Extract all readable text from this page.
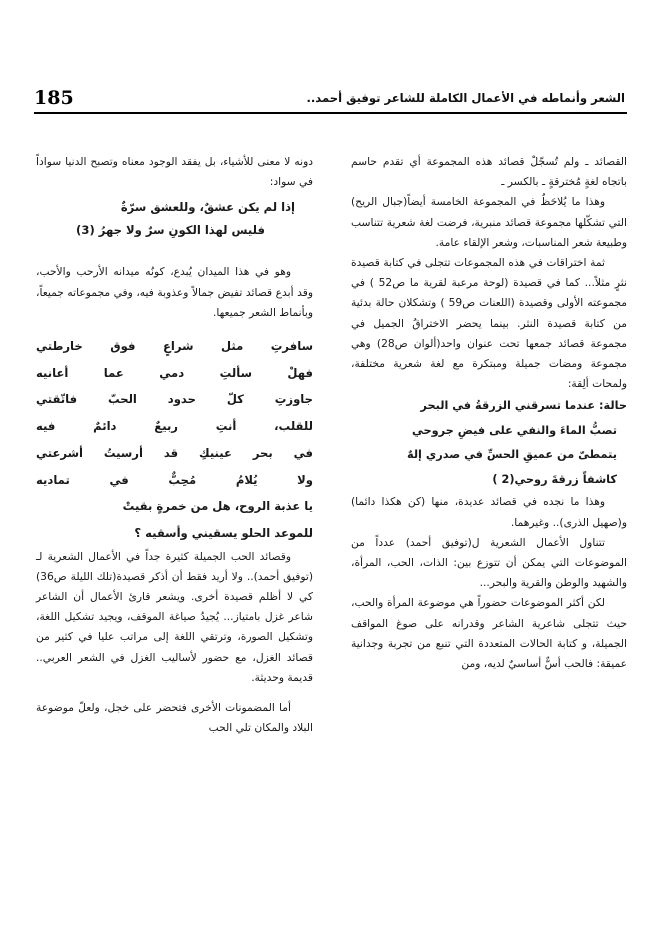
185	الشعر وأنماطه في الأعمال الكاملة للشاعر توفيق أحمد..

القصائد ـ ولم تُسجّلْ قصائد هذه المجموعة أي تقدم حاسم باتجاه لغةٍ مُخترقةٍ ـ بالكسر ـ

وهذا ما يُلاحَظُ في المجموعة الخامسة أيضاً(جبال الريح) التي تشكّلها مجموعة قصائد منبرية، فرضت لغة شعرية تتناسب وطبيعة شعر المناسبات، وشعر الإلقاء عامة.

ثمة اختراقات في هذه المجموعات تتجلى في كتابة قصيدة نثرٍ مثلاً... كما في قصيدة (لوحة مرعبة لقرية ما ص52 ) في مجموعته الأولى وقصيدة (اللعنات ص59 ) وتشكلان حالة بدئية من كتابة قصيدة النثر. بينما يحضر الاختراقُ الجميل في مجموعة قصائد جمعها تحت عنوان واحد(ألوان ص28) وهي مجموعة ومضات جميلة ومبتكرة مع لغة شعرية مختلفة، ولمحات ألِقة:

حالة: عندما تسرقني الزرقةُ في البحر

تصبُّ الماءَ والنفي على فيضِ جروحي

يتمطىّ من عميقِ الحسِّ في صدري إلهٌ

كاشفاً زرقةَ روحي(2 )

وهذا ما نجده في قصائد عديدة، منها (كن هكذا دائما) و(صهيل الذرى).. وغيرهما.

تتناول الأعمال الشعرية ل(توفيق أحمد) عدداً من الموضوعات التي يمكن أن تتوزع بين: الذات، الحب، المرأة، والشهيد والوطن والقرية والبحر...

لكن أكثر الموضوعات حضوراً هي موضوعة المرأة والحب، حيث تتجلى شاعرية الشاعر وقدرانه على صوغ المواقف الجميلة، و كتابة الحالات المتعددة التي تنبع من تجربة وجدانية عميقة: فالحب أسٌّ أساسيٌ لديه، ومن

دونه لا معنى للأشياء، بل يفقد الوجود معناه وتصبح الدنيا سواداً في سواد:

إذا لم يكن عشقٌ، وللعشق سرّةٌ

فليس لهذا الكونِ سرٌ ولا جهرُ (3)

وهو في هذا الميدان يُبدع، كونُه ميدانه الأرحب والأحب، وقد أبدع قصائد تفيض جمالاً وعذوبة فيه، وفي مجموعاته جميعاً، وبأنماط الشعر جميعها.

سافرتِ مثل شراعٍ فوق خارطتي

فهلْ سألتِ دمي عما أعانيه

جاوزتِ كلّ حدود الحبّ فاتّقتي

للقلب، أنتِ ربيعٌ دائمٌ فيه

في بحر عينيكِ قد أرسيتُ أشرعتي

ولا يُلامُ مُحِبٌّ في تماديه

يا عذبة الروح، هل من خمرةٍ بقيتْ

للموعد الحلو يسقيني وأسقيه ؟

وقصائد الحب الجميلة كثيرة جداً في الأعمال الشعرية لـ (توفيق أحمد).. ولا أريد فقط أن أذكر قصيدة(تلك الليلة ص36) كي لا أظلم قصيدة أخرى. ويشعر قارئ الأعمال أن الشاعر شاعر غزل بامتياز... يُجيدُ صياغة الموقف، ويجيد تشكيل اللغة، وتشكيل الصورة، وترتقي اللغة إلى مراتب عليا في كثير من قصائد الغزل، مع حضور لأساليب الغزل في الشعر العربي.. قديمة وحديثة.

أما المضمونات الأخرى فتحضر على خجل، ولعلّ موضوعة البلاد والمكان تلي الحب
